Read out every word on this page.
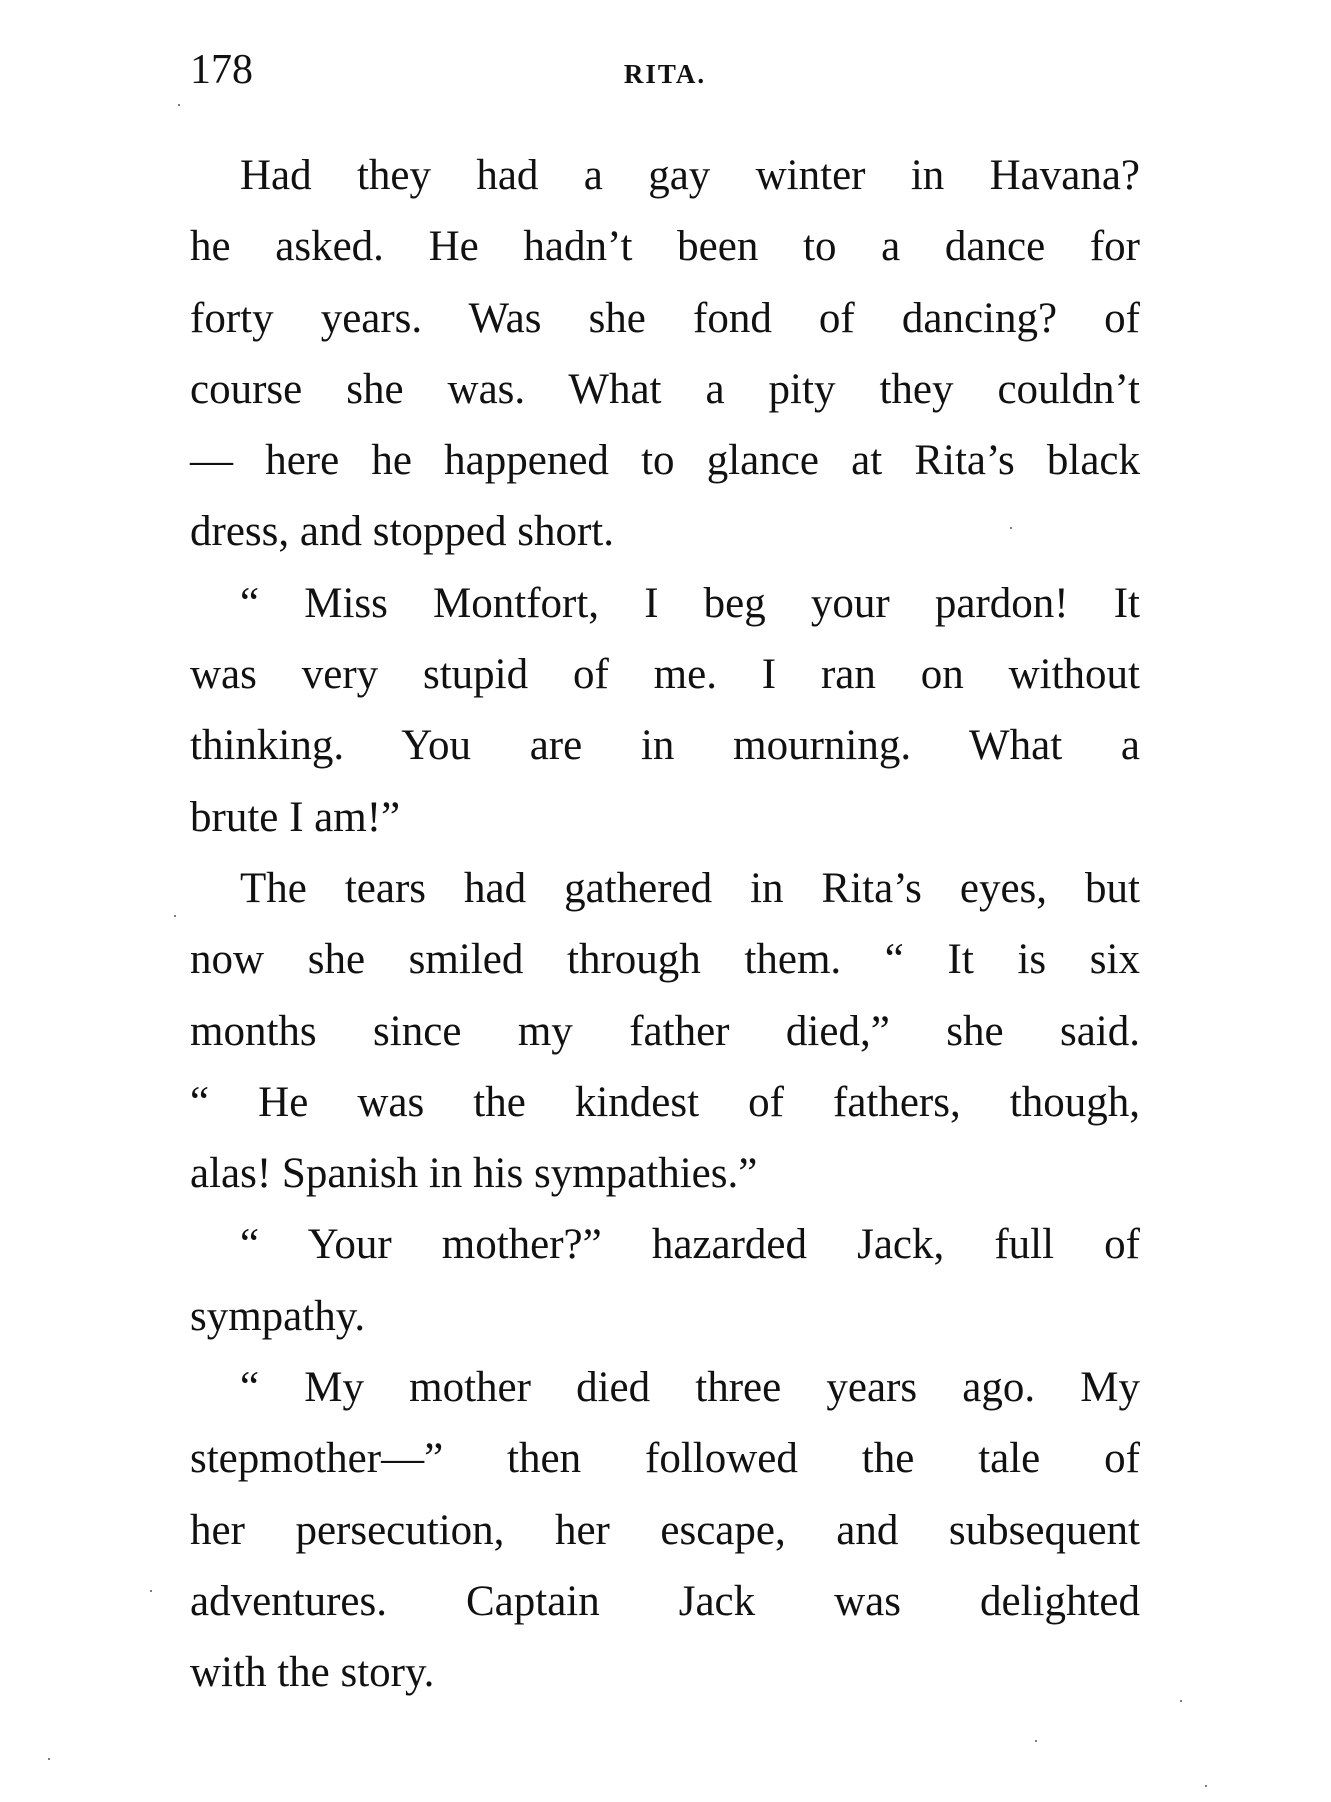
178	RITA.
Had they had a gay winter in Havana?
he asked. He hadn’t been to a dance for
forty years. Was she fond of dancing? of
course she was. What a pity they couldn’t
— here he happened to glance at Rita’s black
dress, and stopped short.
“ Miss Montfort, I beg your pardon! It
was very stupid of me. I ran on without
thinking. You are in mourning. What a
brute I am!”
The tears had gathered in Rita’s eyes, but
now she smiled through them. “ It is six
months since my father died,” she said.
“ He was the kindest of fathers, though,
alas! Spanish in his sympathies.”
“ Your mother?” hazarded Jack, full of
sympathy.
“ My mother died three years ago. My
stepmother—” then followed the tale of
her persecution, her escape, and subsequent
adventures. Captain Jack was delighted
with the story.
